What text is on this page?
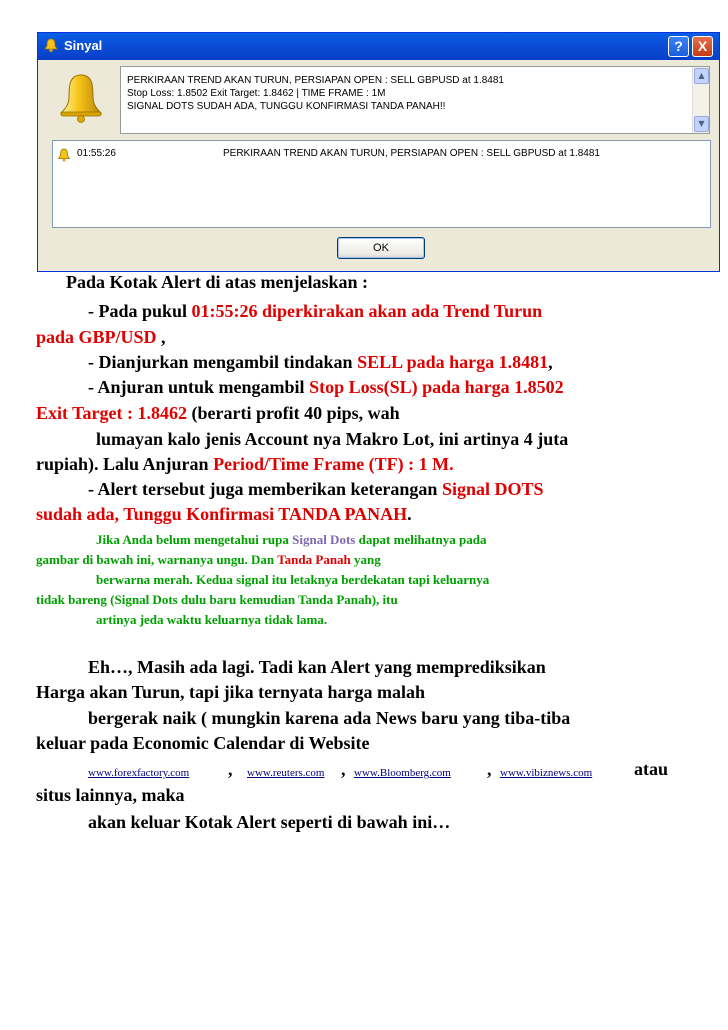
Sinyal	?	X
PERKIRAAN TREND AKAN TURUN, PERSIAPAN OPEN : SELL GBPUSD at 1.8481
Stop Loss: 1.8502 Exit Target: 1.8462 | TIME FRAME : 1M
SIGNAL DOTS SUDAH ADA, TUNGGU KONFIRMASI TANDA PANAH!!
▲
▼
01:55:26	PERKIRAAN TREND AKAN TURUN, PERSIAPAN OPEN : SELL GBPUSD at 1.8481
OK
Pada Kotak Alert di atas menjelaskan :
- Pada pukul 01:55:26 diperkirakan akan ada Trend Turun
pada GBP/USD ,
- Dianjurkan mengambil tindakan SELL pada harga 1.8481,
- Anjuran untuk mengambil Stop Loss(SL) pada harga 1.8502
Exit Target : 1.8462 (berarti profit 40 pips, wah
lumayan kalo jenis Account nya Makro Lot, ini artinya 4 juta
rupiah). Lalu Anjuran Period/Time Frame (TF) : 1 M.
- Alert tersebut juga memberikan keterangan Signal DOTS
sudah ada, Tunggu Konfirmasi TANDA PANAH.
Jika Anda belum mengetahui rupa Signal Dots dapat melihatnya pada
gambar di bawah ini, warnanya ungu. Dan Tanda Panah yang
berwarna merah. Kedua signal itu letaknya berdekatan tapi keluarnya
tidak bareng (Signal Dots dulu baru kemudian Tanda Panah), itu
artinya jeda waktu keluarnya tidak lama.
Eh…, Masih ada lagi. Tadi kan Alert yang memprediksikan
Harga akan Turun, tapi jika ternyata harga malah
bergerak naik ( mungkin karena ada News baru yang tiba-tiba
keluar pada Economic Calendar di Website
www.forexfactory.com , www.reuters.com , www.Bloomberg.com , www.vibiznews.com atau
situs lainnya, maka
akan keluar Kotak Alert seperti di bawah ini…
